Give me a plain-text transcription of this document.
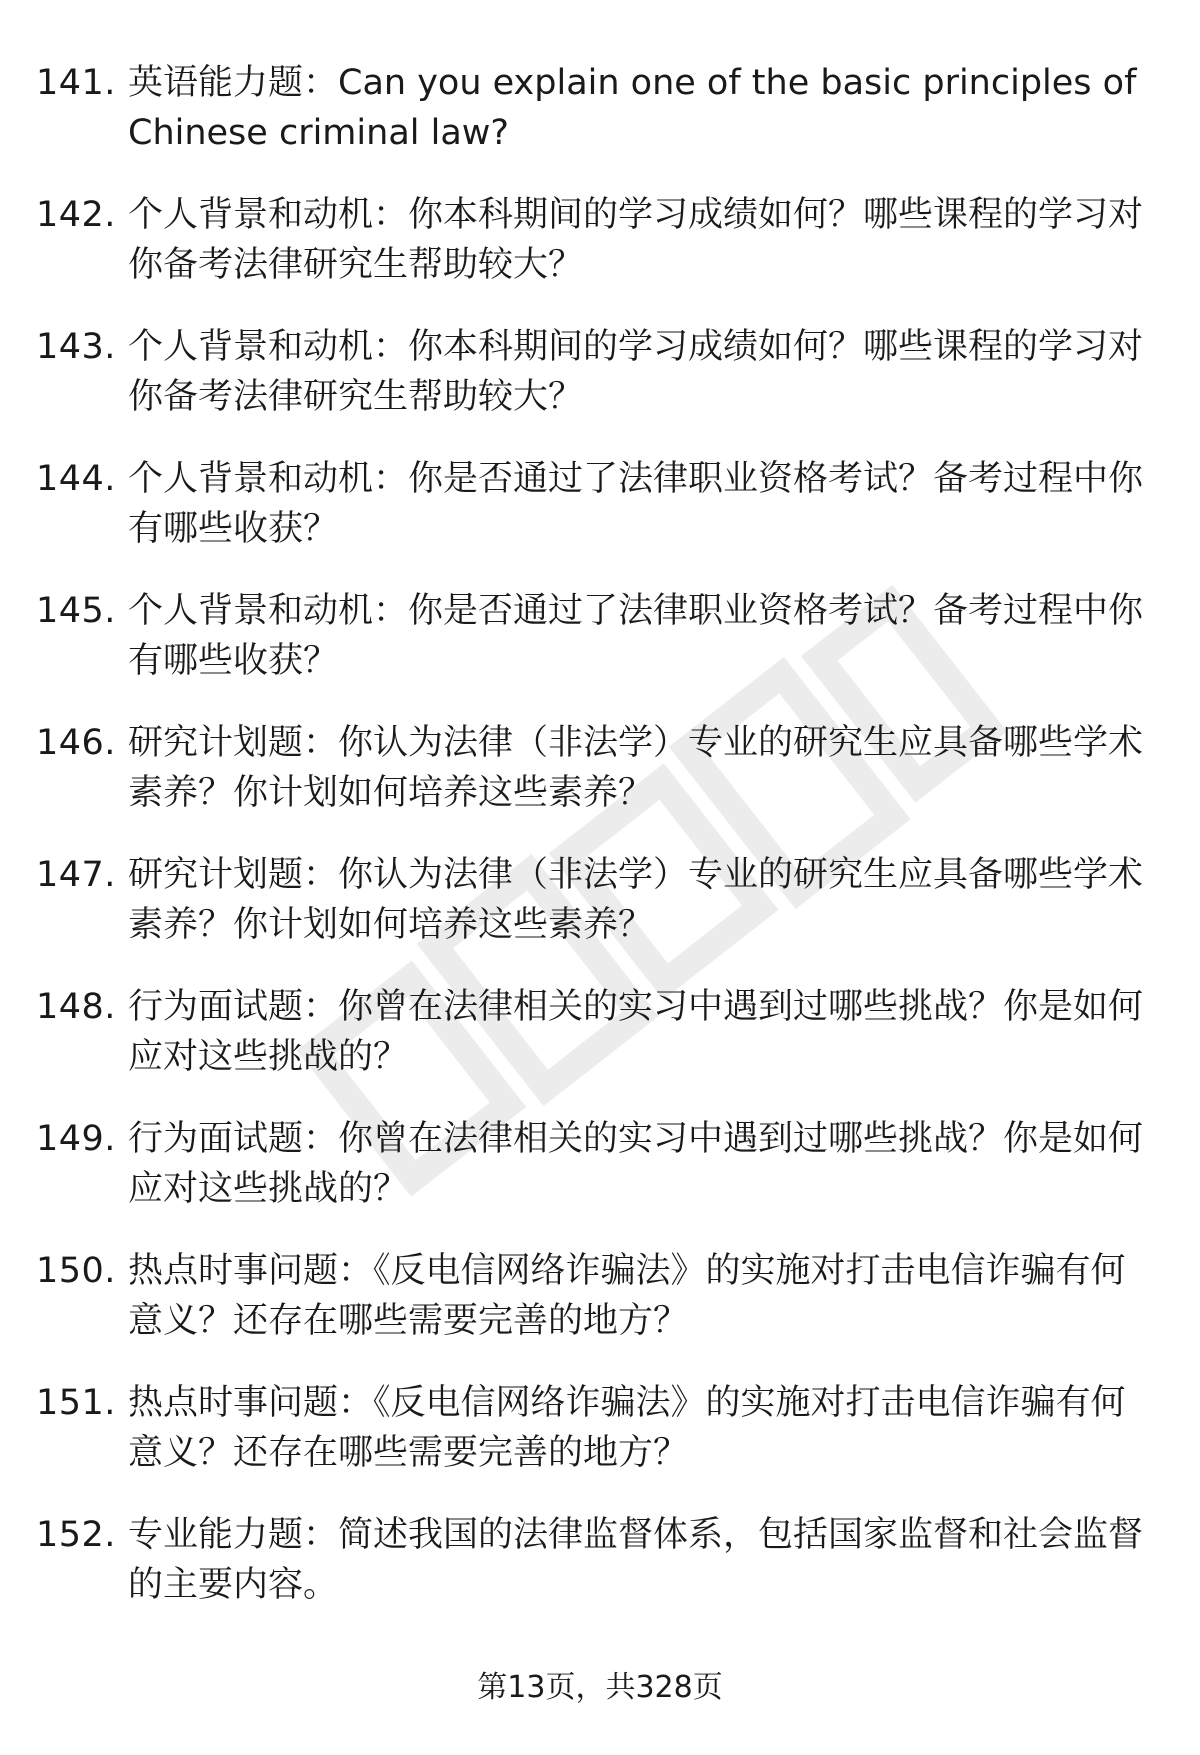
141. 英语能力题：Can you explain one of the basic principles of Chinese criminal law?
142. 个人背景和动机：你本科期间的学习成绩如何？哪些课程的学习对你备考法律研究生帮助较大？
143. 个人背景和动机：你本科期间的学习成绩如何？哪些课程的学习对你备考法律研究生帮助较大？
144. 个人背景和动机：你是否通过了法律职业资格考试？备考过程中你有哪些收获？
145. 个人背景和动机：你是否通过了法律职业资格考试？备考过程中你有哪些收获？
146. 研究计划题：你认为法律（非法学）专业的研究生应具备哪些学术素养？你计划如何培养这些素养？
147. 研究计划题：你认为法律（非法学）专业的研究生应具备哪些学术素养？你计划如何培养这些素养？
148. 行为面试题：你曾在法律相关的实习中遇到过哪些挑战？你是如何应对这些挑战的？
149. 行为面试题：你曾在法律相关的实习中遇到过哪些挑战？你是如何应对这些挑战的？
150. 热点时事问题：《反电信网络诈骗法》的实施对打击电信诈骗有何意义？还存在哪些需要完善的地方？
151. 热点时事问题：《反电信网络诈骗法》的实施对打击电信诈骗有何意义？还存在哪些需要完善的地方？
152. 专业能力题：简述我国的法律监督体系，包括国家监督和社会监督的主要内容。
第13页，共328页
